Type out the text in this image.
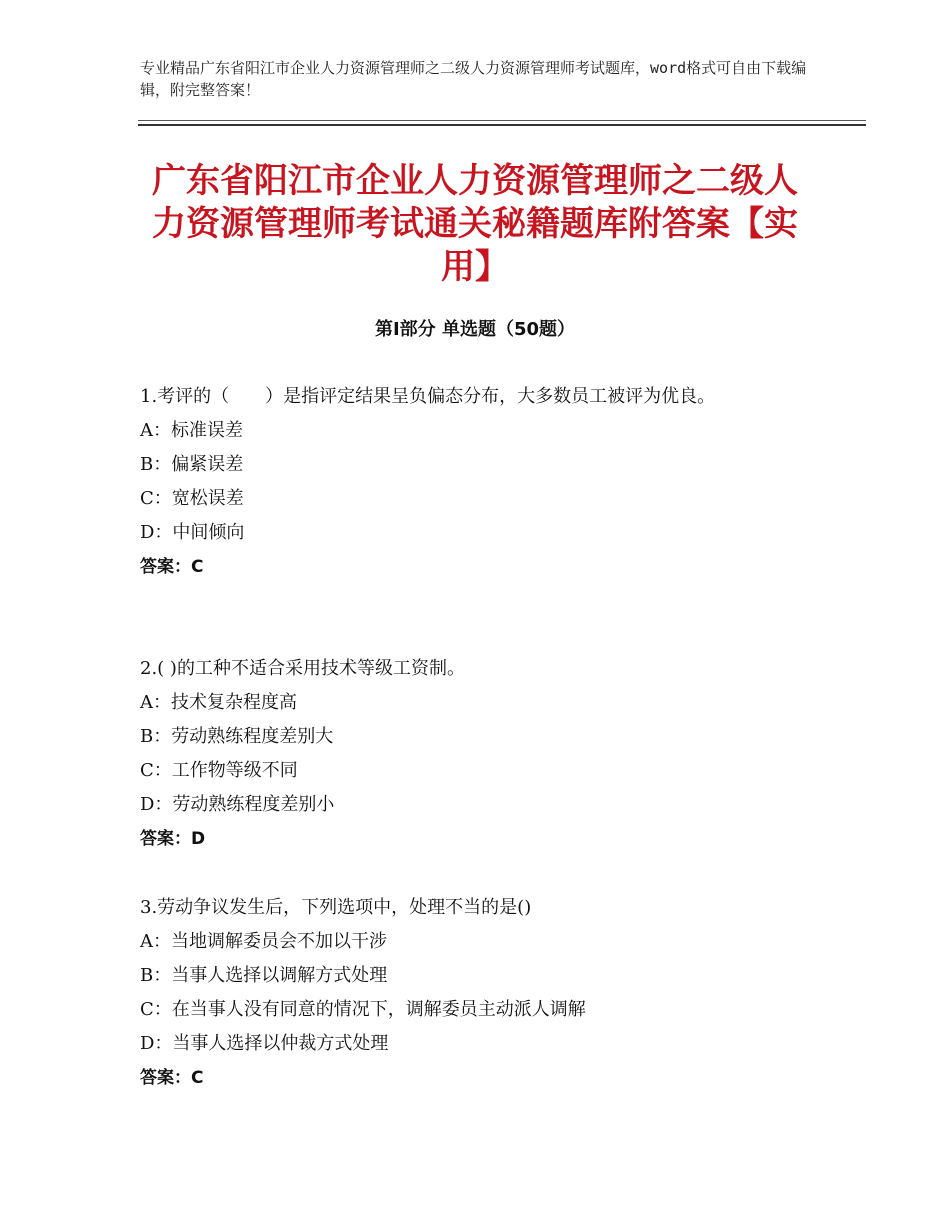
专业精品广东省阳江市企业人力资源管理师之二级人力资源管理师考试题库，word格式可自由下载编辑，附完整答案！
广东省阳江市企业人力资源管理师之二级人力资源管理师考试通关秘籍题库附答案【实用】
第Ⅰ部分 单选题（50题）

1.考评的（　　）是指评定结果呈负偏态分布，大多数员工被评为优良。

A：标准误差

B：偏紧误差

C：宽松误差

D：中间倾向

答案：C

2.( )的工种不适合采用技术等级工资制。

A：技术复杂程度高

B：劳动熟练程度差别大

C：工作物等级不同

D：劳动熟练程度差别小

答案：D

3.劳动争议发生后，下列选项中，处理不当的是()

A：当地调解委员会不加以干涉

B：当事人选择以调解方式处理

C：在当事人没有同意的情况下，调解委员主动派人调解

D：当事人选择以仲裁方式处理

答案：C
